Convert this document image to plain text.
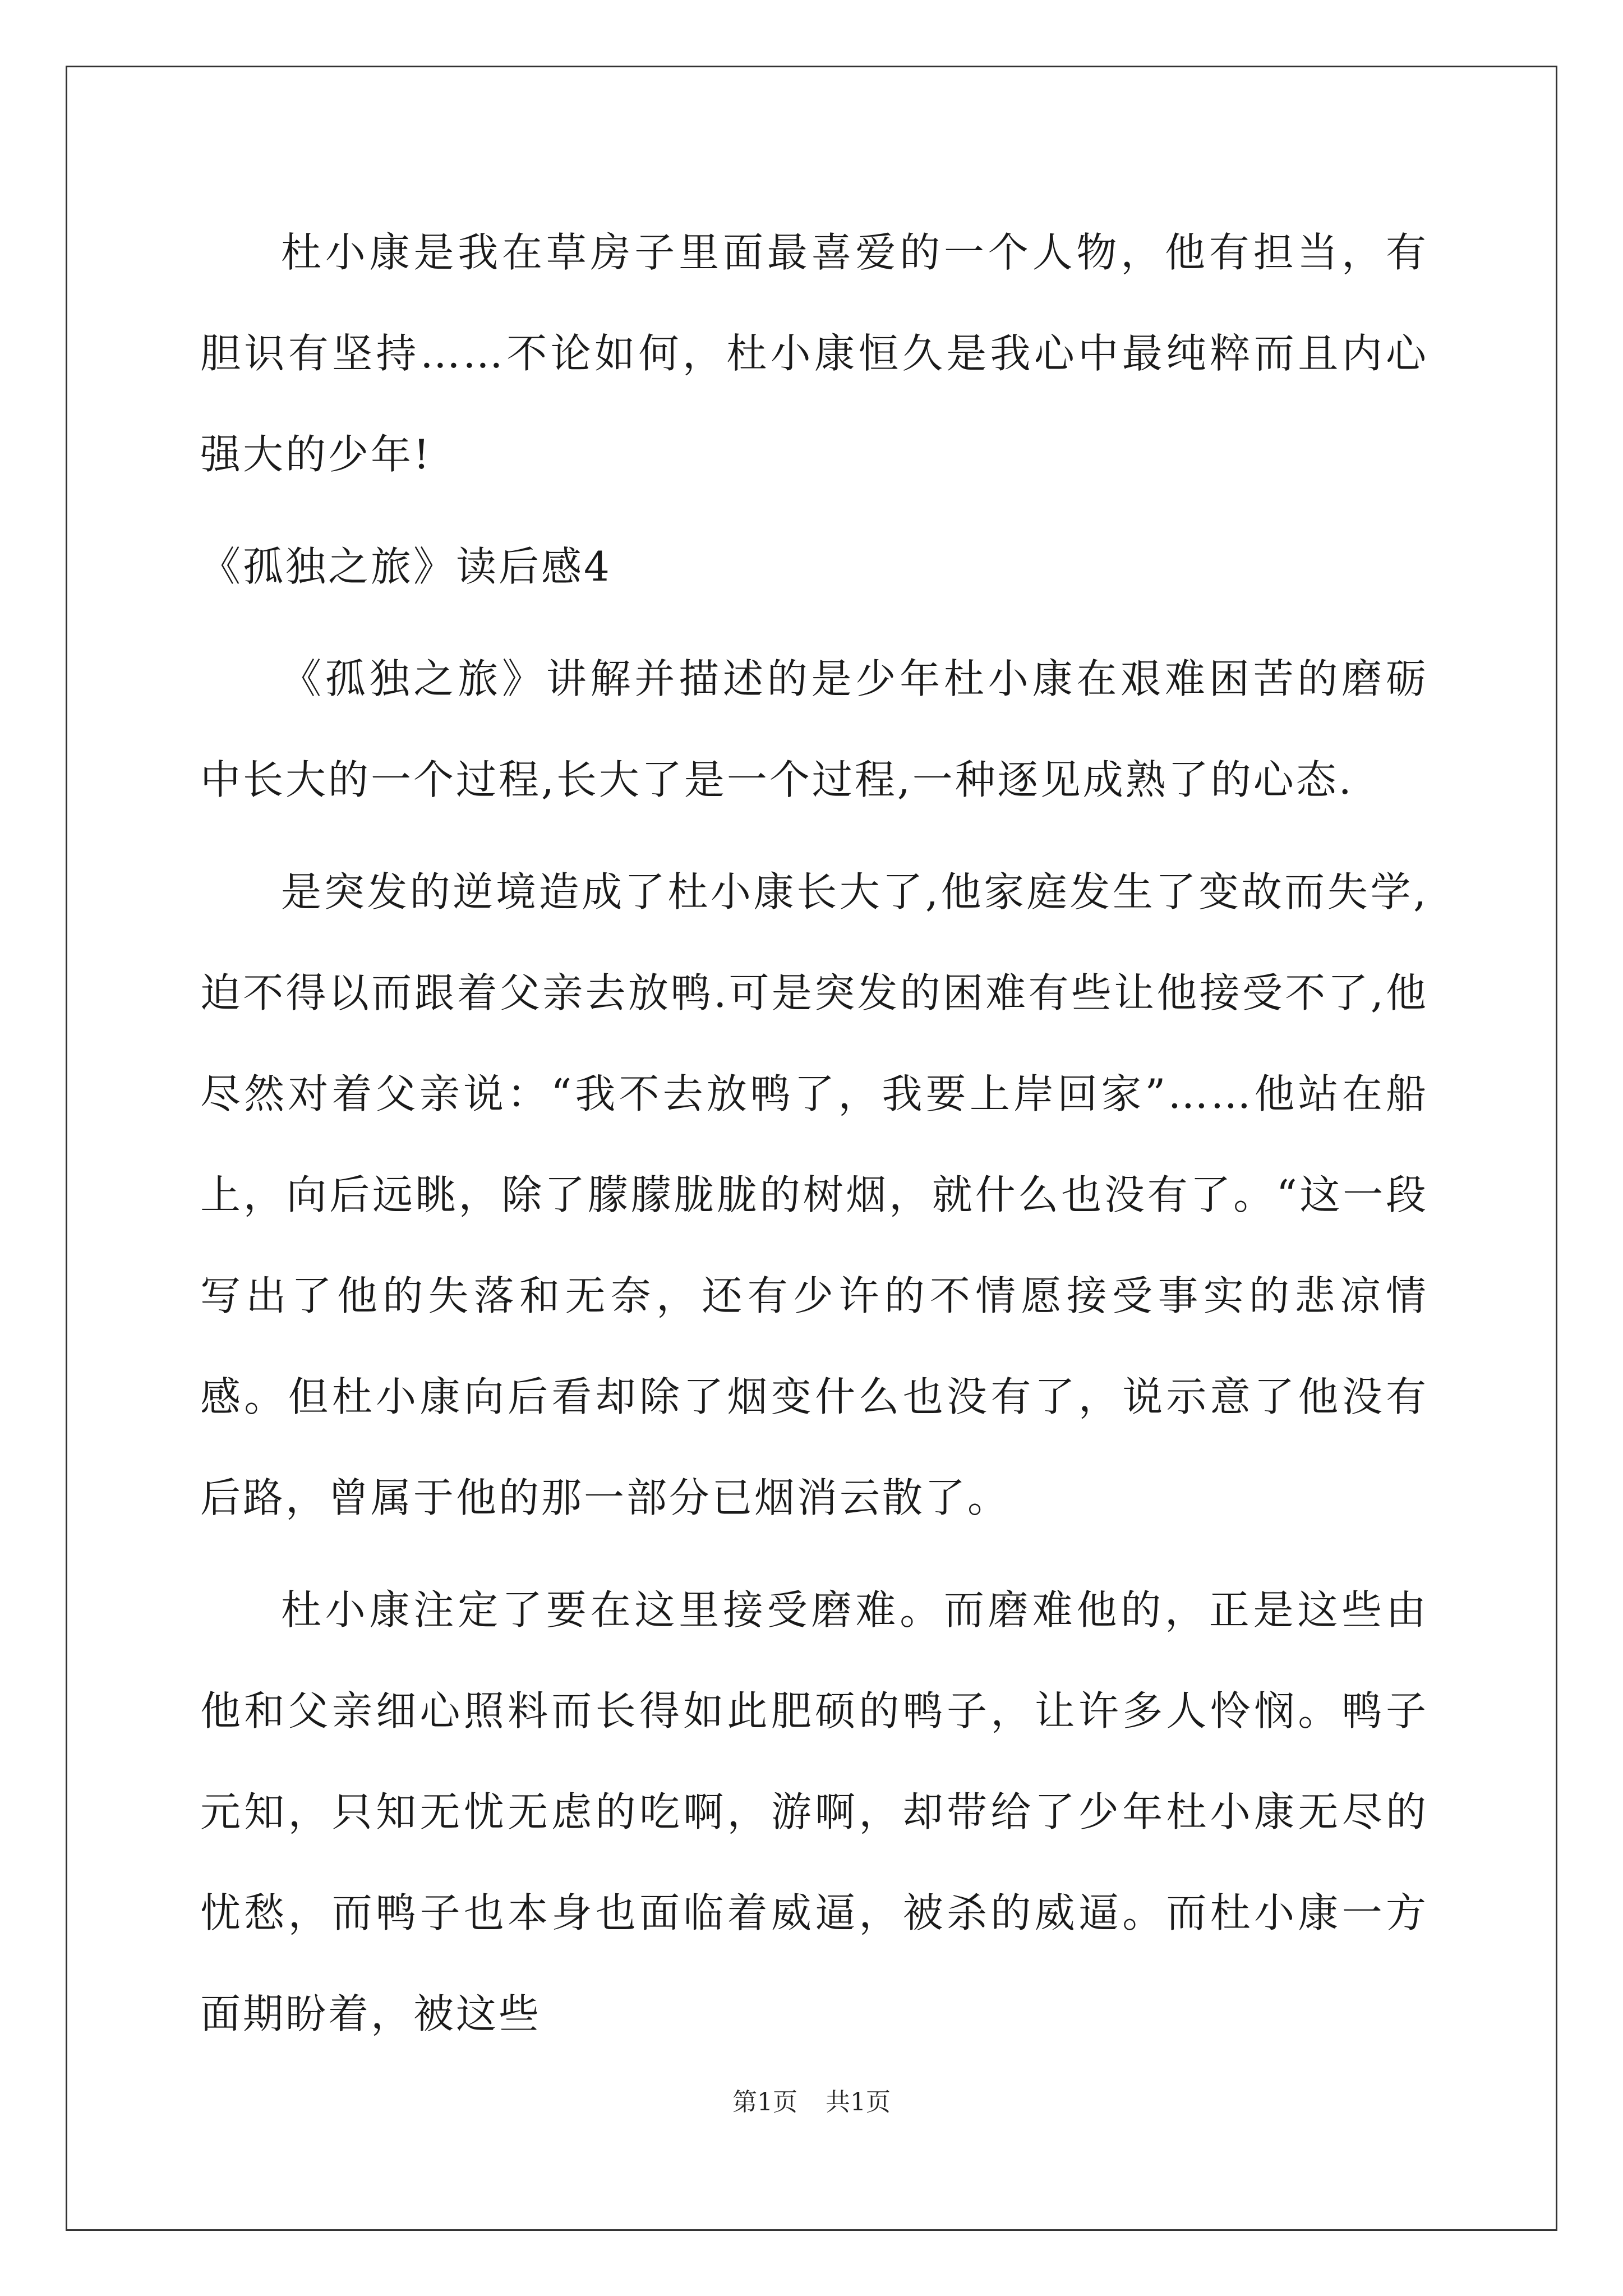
杜小康是我在草房子里面最喜爱的一个人物，他有担当，有胆识有坚持……不论如何，杜小康恒久是我心中最纯粹而且内心强大的少年!

《孤独之旅》读后感4

《孤独之旅》讲解并描述的是少年杜小康在艰难困苦的磨砺中长大的一个过程,长大了是一个过程,一种逐见成熟了的心态.

是突发的逆境造成了杜小康长大了,他家庭发生了变故而失学,迫不得以而跟着父亲去放鸭.可是突发的困难有些让他接受不了,他尽然对着父亲说：“我不去放鸭了，我要上岸回家”……他站在船上，向后远眺，除了朦朦胧胧的树烟，就什么也没有了。“这一段写出了他的失落和无奈，还有少许的不情愿接受事实的悲凉情感。但杜小康向后看却除了烟变什么也没有了，说示意了他没有后路，曾属于他的那一部分已烟消云散了。

杜小康注定了要在这里接受磨难。而磨难他的，正是这些由他和父亲细心照料而长得如此肥硕的鸭子，让许多人怜悯。鸭子元知，只知无忧无虑的吃啊，游啊，却带给了少年杜小康无尽的忧愁，而鸭子也本身也面临着威逼，被杀的威逼。而杜小康一方面期盼着，被这些

第1页 共1页
